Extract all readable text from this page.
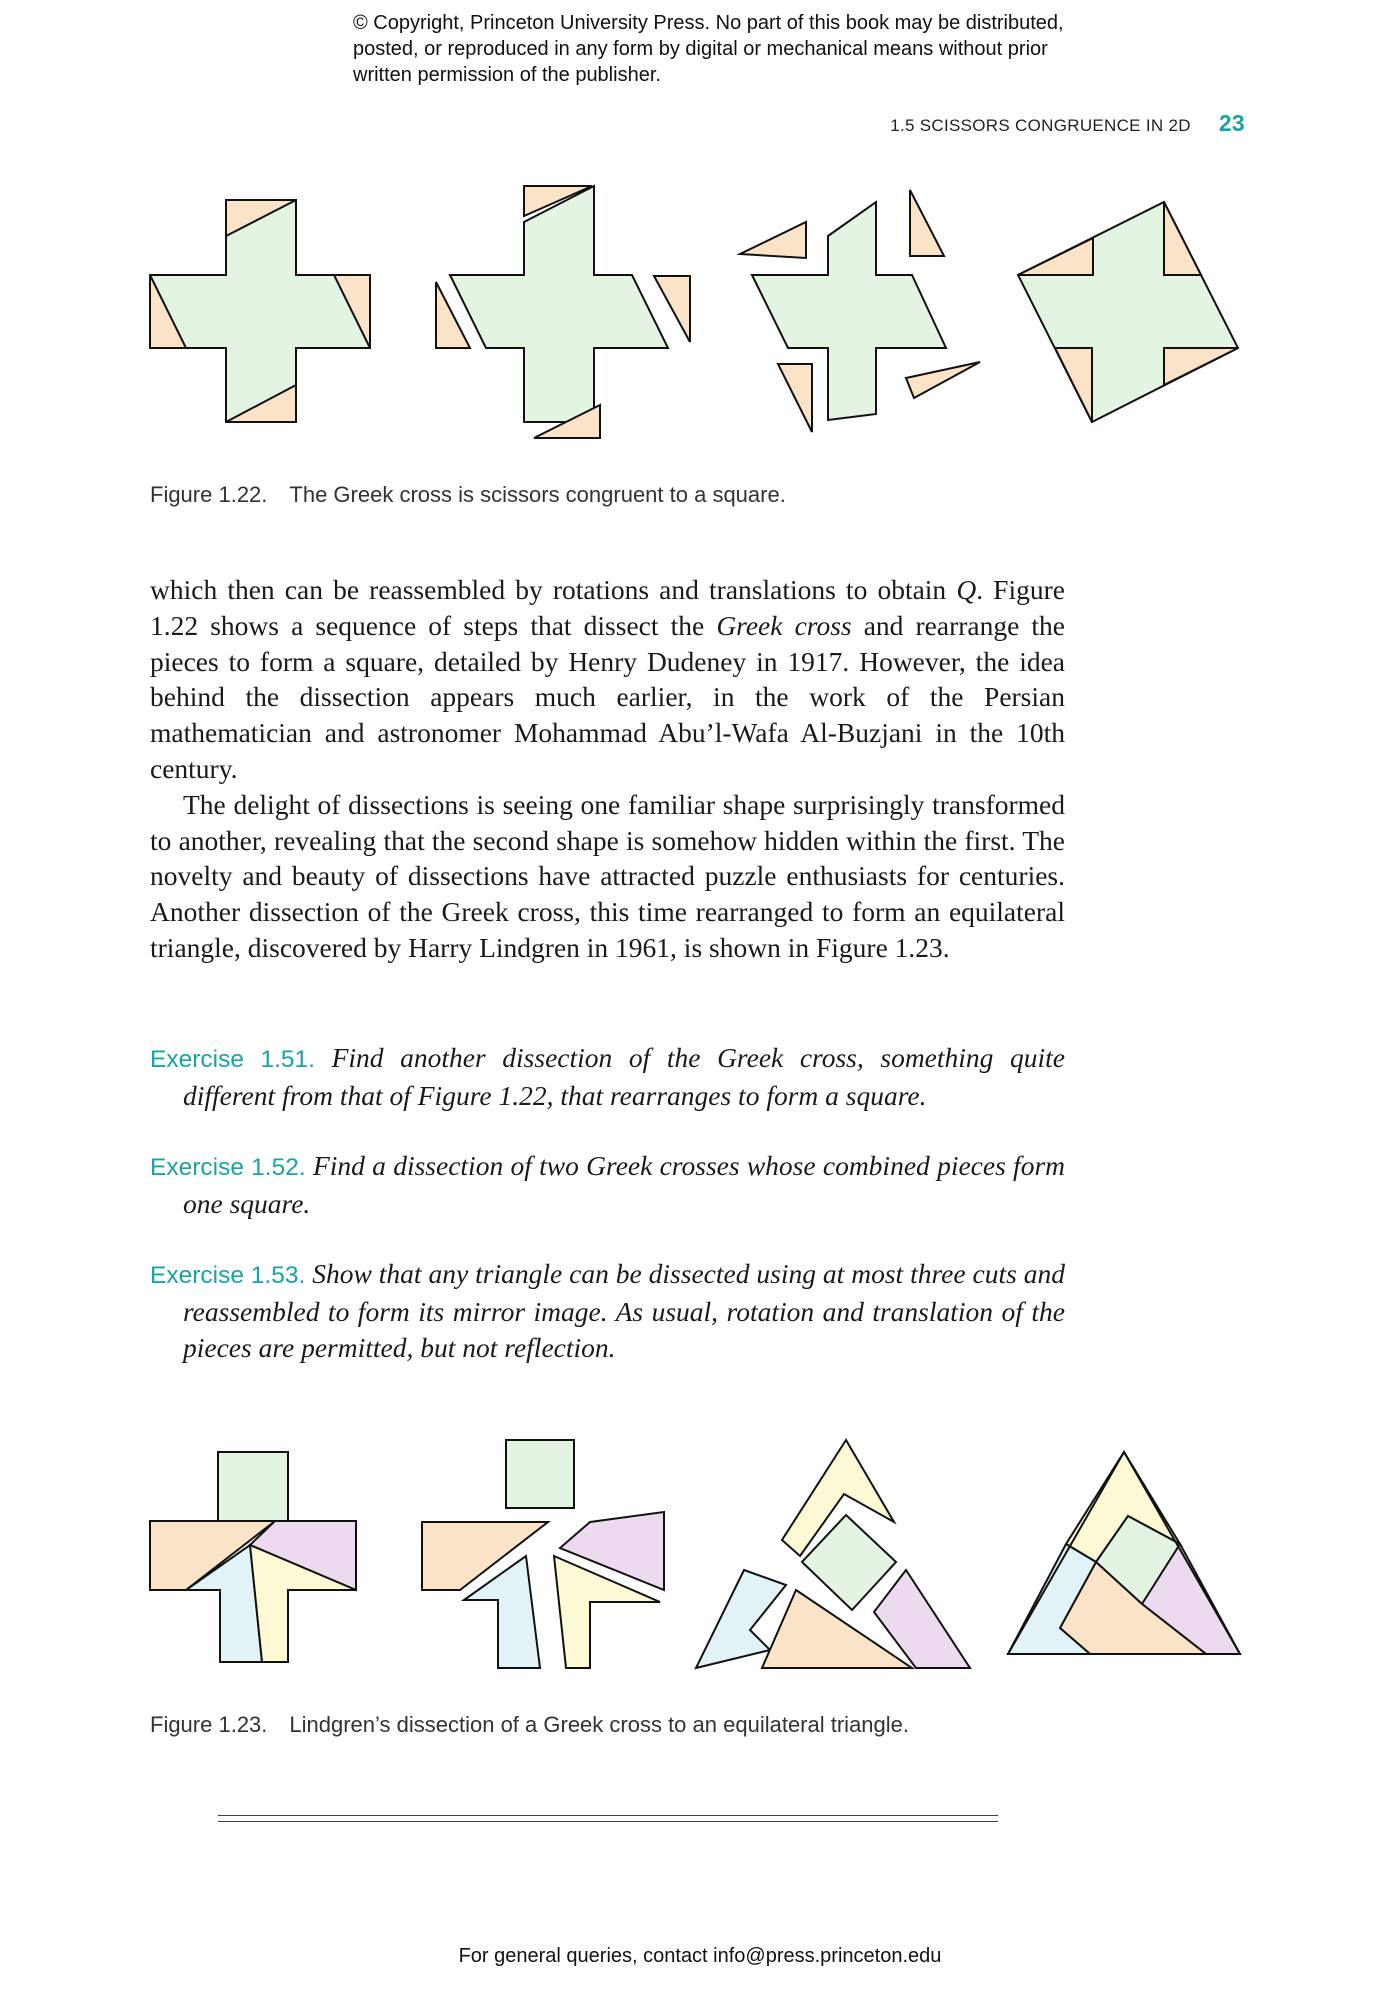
© Copyright, Princeton University Press. No part of this book may be distributed, posted, or reproduced in any form by digital or mechanical means without prior written permission of the publisher.
1.5 SCISSORS CONGRUENCE IN 2D 23
Figure 1.22. The Greek cross is scissors congruent to a square.

which then can be reassembled by rotations and translations to obtain Q. Figure 1.22 shows a sequence of steps that dissect the Greek cross and rearrange the pieces to form a square, detailed by Henry Dudeney in 1917. However, the idea behind the dissection appears much earlier, in the work of the Persian mathematician and astronomer Mohammad Abu’l-Wafa Al-Buzjani in the 10th century.

The delight of dissections is seeing one familiar shape surprisingly transformed to another, revealing that the second shape is somehow hidden within the first. The novelty and beauty of dissections have attracted puzzle enthusiasts for centuries. Another dissection of the Greek cross, this time rearranged to form an equilateral triangle, discovered by Harry Lindgren in 1961, is shown in Figure 1.23.

Exercise 1.51. Find another dissection of the Greek cross, something quite different from that of Figure 1.22, that rearranges to form a square.
Exercise 1.52. Find a dissection of two Greek crosses whose combined pieces form one square.
Exercise 1.53. Show that any triangle can be dissected using at most three cuts and reassembled to form its mirror image. As usual, rotation and translation of the pieces are permitted, but not reflection.
Figure 1.23. Lindgren’s dissection of a Greek cross to an equilateral triangle.
For general queries, contact info@press.princeton.edu
